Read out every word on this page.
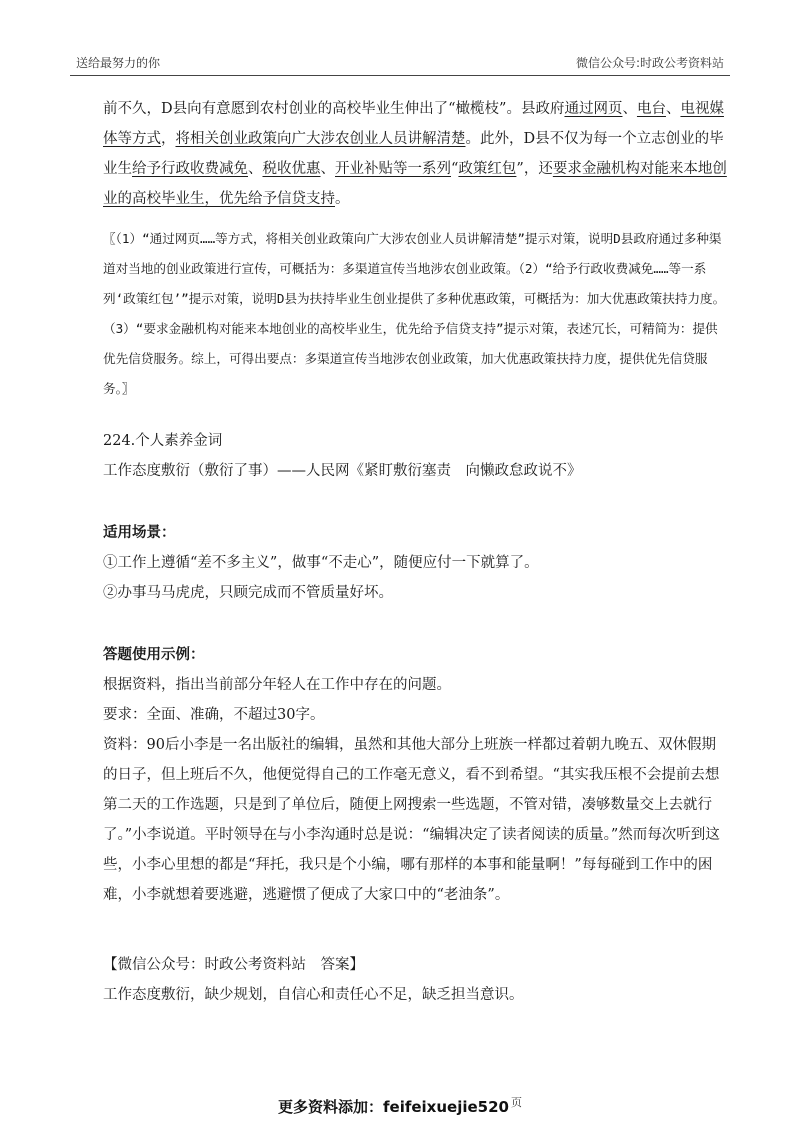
送给最努力的你	微信公众号:时政公考资料站

前不久，D县向有意愿到农村创业的高校毕业生伸出了“橄榄枝”。县政府通过网页、电台、电视媒体等方式，将相关创业政策向广大涉农创业人员讲解清楚。此外，D县不仅为每一个立志创业的毕业生给予行政收费减免、税收优惠、开业补贴等一系列“政策红包”，还要求金融机构对能来本地创业的高校毕业生，优先给予信贷支持。

〖（1）“通过网页……等方式，将相关创业政策向广大涉农创业人员讲解清楚”提示对策，说明D县政府通过多种渠道对当地的创业政策进行宣传，可概括为：多渠道宣传当地涉农创业政策。（2）“给予行政收费减免……等一系列‘政策红包’”提示对策，说明D县为扶持毕业生创业提供了多种优惠政策，可概括为：加大优惠政策扶持力度。（3）“要求金融机构对能来本地创业的高校毕业生，优先给予信贷支持”提示对策，表述冗长，可精简为：提供优先信贷服务。综上，可得出要点：多渠道宣传当地涉农创业政策，加大优惠政策扶持力度，提供优先信贷服务。〗

224.个人素养金词
工作态度敷衍（敷衍了事）——人民网《紧盯敷衍塞责　向懒政怠政说不》
适用场景：
①工作上遵循“差不多主义”，做事“不走心”，随便应付一下就算了。
②办事马马虎虎，只顾完成而不管质量好坏。
答题使用示例：
根据资料，指出当前部分年轻人在工作中存在的问题。
要求：全面、准确，不超过30字。
资料：90后小李是一名出版社的编辑，虽然和其他大部分上班族一样都过着朝九晚五、双休假期的日子，但上班后不久，他便觉得自己的工作毫无意义，看不到希望。“其实我压根不会提前去想第二天的工作选题，只是到了单位后，随便上网搜索一些选题，不管对错，凑够数量交上去就行了。”小李说道。平时领导在与小李沟通时总是说：“编辑决定了读者阅读的质量。”然而每次听到这些，小李心里想的都是“拜托，我只是个小编，哪有那样的本事和能量啊！”每每碰到工作中的困难，小李就想着要逃避，逃避惯了便成了大家口中的“老油条”。
【微信公众号：时政公考资料站　答案】
工作态度敷衍，缺少规划，自信心和责任心不足，缺乏担当意识。
更多资料添加：feifeixuejie520 $^页$
